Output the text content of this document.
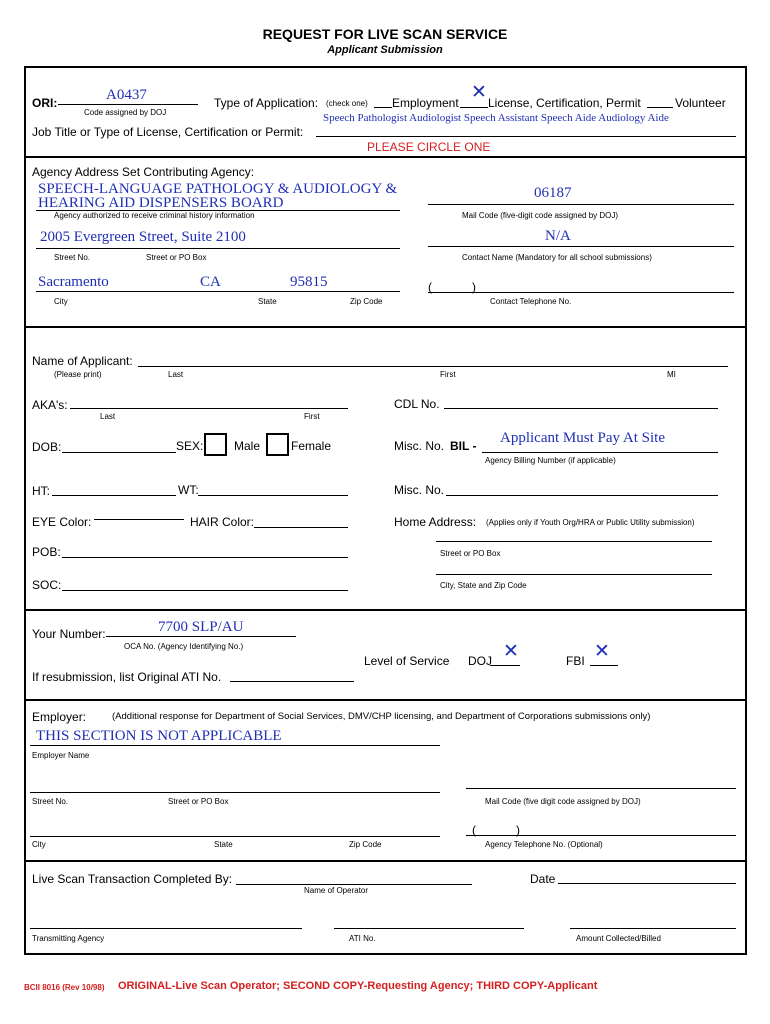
REQUEST FOR LIVE SCAN SERVICE
Applicant Submission
ORI:	A0437
Code assigned by DOJ
Type of Application: (check one) Employment ✕ License, Certification, Permit	Volunteer
Speech Pathologist Audiologist Speech Assistant Speech Aide Audiology Aide
Job Title or Type of License, Certification or Permit:
PLEASE CIRCLE ONE
Agency Address Set Contributing Agency:
SPEECH-LANGUAGE PATHOLOGY & AUDIOLOGY &
HEARING AID DISPENSERS BOARD
Agency authorized to receive criminal history information
06187
Mail Code (five-digit code assigned by DOJ)
2005 Evergreen Street, Suite 2100
Street No.	Street or PO Box
N/A
Contact Name (Mandatory for all school submissions)
Sacramento	CA	95815
City	State	Zip Code
(            )
Contact Telephone No.
Name of Applicant:
(Please print)	Last	First	MI
AKA's:
Last	First
CDL No.
DOB:	SEX:	Male	Female	Misc. No. BIL - Applicant Must Pay At Site
Agency Billing Number (if applicable)
HT:	WT:	Misc. No.
EYE Color:	HAIR Color:	Home Address: (Applies only if Youth Org/HRA or Public Utility submission)
POB:	Street or PO Box
SOC:	City, State and Zip Code
Your Number:	7700 SLP/AU
OCA No. (Agency Identifying No.)
Level of Service DOJ ✕	FBI ✕
If resubmission, list Original ATI No.
Employer:	(Additional response for Department of Social Services, DMV/CHP licensing, and Department of Corporations submissions only)
THIS SECTION IS NOT APPLICABLE
Employer Name
Street No.	Street or PO Box	Mail Code (five digit code assigned by DOJ)
City	State	Zip Code
(            )
Agency Telephone No. (Optional)
Live Scan Transaction Completed By:
Name of Operator
Date
Transmitting Agency	ATI No.	Amount Collected/Billed
BCII 8016 (Rev 10/98) ORIGINAL-Live Scan Operator; SECOND COPY-Requesting Agency; THIRD COPY-Applicant
